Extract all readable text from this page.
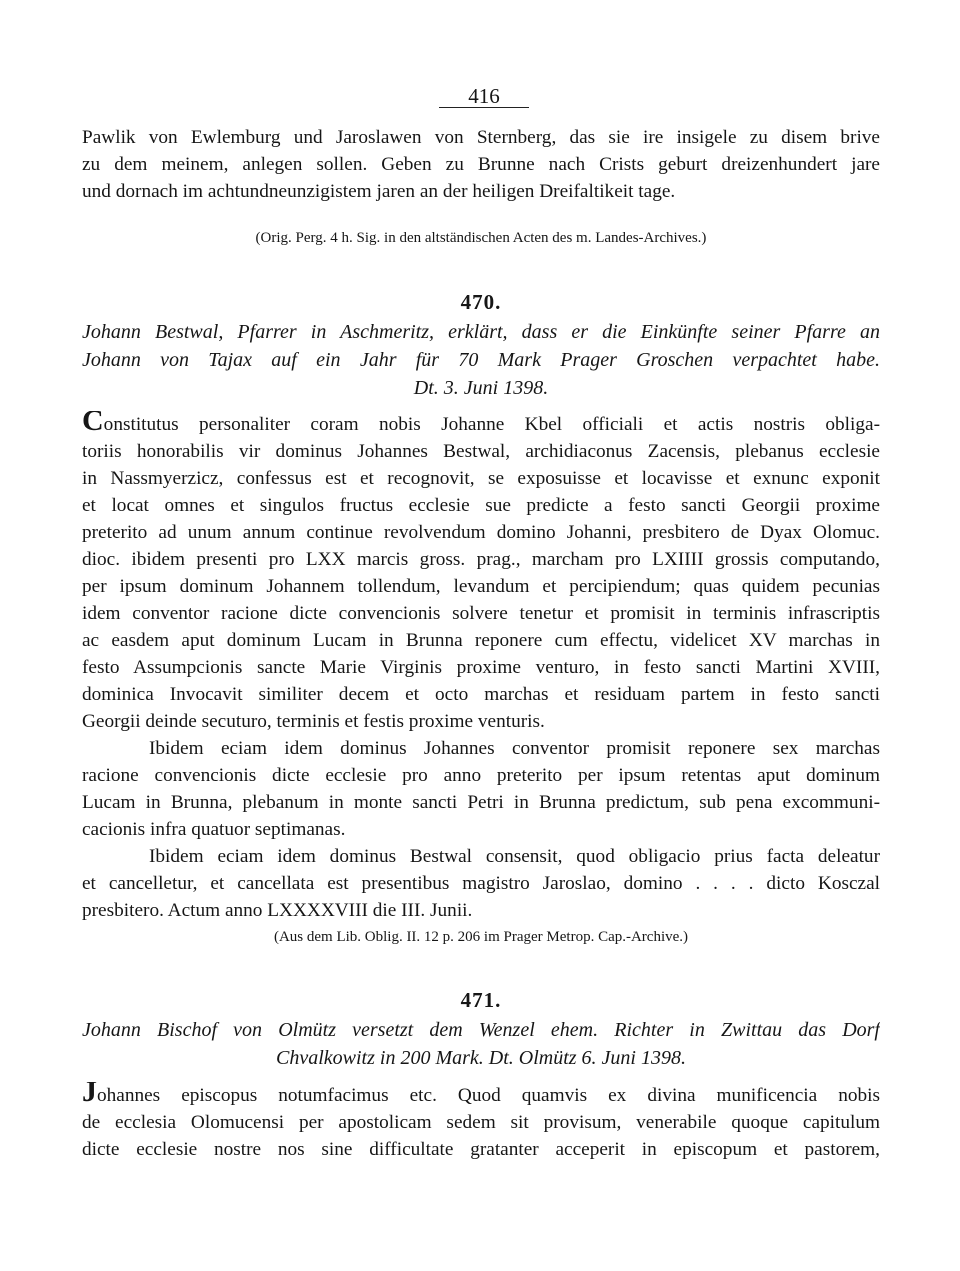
416
Pawlik von Ewlemburg und Jaroslawen von Sternberg, das sie ire insigele zu disem brive
zu dem meinem, anlegen sollen. Geben zu Brunne nach Crists geburt dreizenhundert jare
und dornach im achtundneunzigistem jaren an der heiligen Dreifaltikeit tage.
(Orig. Perg. 4 h. Sig. in den altständischen Acten des m. Landes-Archives.)
470.
Johann Bestwal, Pfarrer in Aschmeritz, erklärt, dass er die Einkünfte seiner Pfarre an
Johann von Tajax auf ein Jahr für 70 Mark Prager Groschen verpachtet habe.
Dt. 3. Juni 1398.
Constitutus personaliter coram nobis Johanne Kbel officiali et actis nostris obliga-
toriis honorabilis vir dominus Johannes Bestwal, archidiaconus Zacensis, plebanus ecclesie
in Nassmyerzicz, confessus est et recognovit, se exposuisse et locavisse et exnunc exponit
et locat omnes et singulos fructus ecclesie sue predicte a festo sancti Georgii proxime
preterito ad unum annum continue revolvendum domino Johanni, presbitero de Dyax Olomuc.
dioc. ibidem presenti pro LXX marcis gross. prag., marcham pro LXIIII grossis computando,
per ipsum dominum Johannem tollendum, levandum et percipiendum; quas quidem pecunias
idem conventor racione dicte convencionis solvere tenetur et promisit in terminis infrascriptis
ac easdem aput dominum Lucam in Brunna reponere cum effectu, videlicet XV marchas in
festo Assumpcionis sancte Marie Virginis proxime venturo, in festo sancti Martini XVIII,
dominica Invocavit similiter decem et octo marchas et residuam partem in festo sancti
Georgii deinde secuturo, terminis et festis proxime venturis.
Ibidem eciam idem dominus Johannes conventor promisit reponere sex marchas
racione convencionis dicte ecclesie pro anno preterito per ipsum retentas aput dominum
Lucam in Brunna, plebanum in monte sancti Petri in Brunna predictum, sub pena excommuni-
cacionis infra quatuor septimanas.
Ibidem eciam idem dominus Bestwal consensit, quod obligacio prius facta deleatur
et cancelletur, et cancellata est presentibus magistro Jaroslao, domino . . . . dicto Kosczal
presbitero. Actum anno LXXXXVIII die III. Junii.
(Aus dem Lib. Oblig. II. 12 p. 206 im Prager Metrop. Cap.-Archive.)
471.
Johann Bischof von Olmütz versetzt dem Wenzel ehem. Richter in Zwittau das Dorf
Chvalkowitz in 200 Mark. Dt. Olmütz 6. Juni 1398.
Johannes episcopus notumfacimus etc. Quod quamvis ex divina munificencia nobis
de ecclesia Olomucensi per apostolicam sedem sit provisum, venerabile quoque capitulum
dicte ecclesie nostre nos sine difficultate gratanter acceperit in episcopum et pastorem,
